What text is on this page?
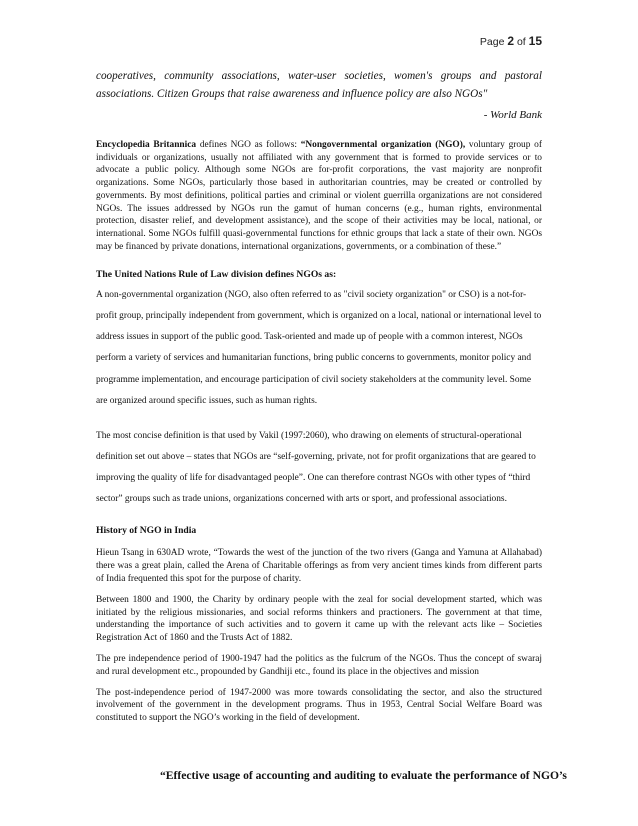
Page 2 of 15

cooperatives, community associations, water-user societies, women's groups and pastoral associations. Citizen Groups that raise awareness and influence policy are also NGOs"

- World Bank

Encyclopedia Britannica defines NGO as follows: “Nongovernmental organization (NGO), voluntary group of individuals or organizations, usually not affiliated with any government that is formed to provide services or to advocate a public policy. Although some NGOs are for-profit corporations, the vast majority are nonprofit organizations. Some NGOs, particularly those based in authoritarian countries, may be created or controlled by governments. By most definitions, political parties and criminal or violent guerrilla organizations are not considered NGOs. The issues addressed by NGOs run the gamut of human concerns (e.g., human rights, environmental protection, disaster relief, and development assistance), and the scope of their activities may be local, national, or international. Some NGOs fulfill quasi-governmental functions for ethnic groups that lack a state of their own. NGOs may be financed by private donations, international organizations, governments, or a combination of these.”

The United Nations Rule of Law division defines NGOs as:

A non-governmental organization (NGO, also often referred to as "civil society organization" or CSO) is a not-for-profit group, principally independent from government, which is organized on a local, national or international level to address issues in support of the public good. Task-oriented and made up of people with a common interest, NGOs perform a variety of services and humanitarian functions, bring public concerns to governments, monitor policy and programme implementation, and encourage participation of civil society stakeholders at the community level. Some are organized around specific issues, such as human rights.

The most concise definition is that used by Vakil (1997:2060), who drawing on elements of structural-operational definition set out above – states that NGOs are “self-governing, private, not for profit organizations that are geared to improving the quality of life for disadvantaged people”. One can therefore contrast NGOs with other types of “third sector” groups such as trade unions, organizations concerned with arts or sport, and professional associations.

History of NGO in India

Hieun Tsang in 630AD wrote, “Towards the west of the junction of the two rivers (Ganga and Yamuna at Allahabad) there was a great plain, called the Arena of Charitable offerings as from very ancient times kinds from different parts of India frequented this spot for the purpose of charity.

Between 1800 and 1900, the Charity by ordinary people with the zeal for social development started, which was initiated by the religious missionaries, and social reforms thinkers and practioners. The government at that time, understanding the importance of such activities and to govern it came up with the relevant acts like – Societies Registration Act of 1860 and the Trusts Act of 1882.

The pre independence period of 1900-1947 had the politics as the fulcrum of the NGOs. Thus the concept of swaraj and rural development etc., propounded by Gandhiji etc., found its place in the objectives and mission

The post-independence period of 1947-2000 was more towards consolidating the sector, and also the structured involvement of the government in the development programs. Thus in 1953, Central Social Welfare Board was constituted to support the NGO’s working in the field of development.

“Effective usage of accounting and auditing to evaluate the performance of NGO’s
